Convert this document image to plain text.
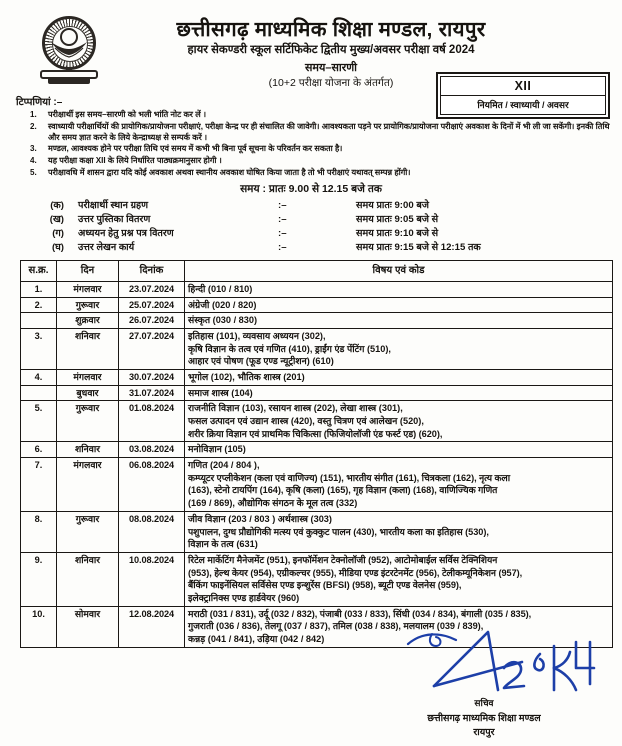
छत्तीसगढ़ माध्यमिक शिक्षा मण्डल, रायपुर
हायर सेकण्डरी स्कूल सर्टिफिकेट द्वितीय मुख्य/अवसर परीक्षा वर्ष 2024
समय–सारणी
(10+2 परीक्षा योजना के अंतर्गत)	XII
नियमित / स्वाध्यायी / अवसर
टिप्पणियां :–
1.	परीक्षार्थी इस समय–सारणी को भली भांति नोट कर लें ।
2.	स्वाध्यायी परीक्षार्थियों की प्रायोगिक/प्रायोजना परीक्षाएं, परीक्षा केन्द्र पर ही संचालित की जावेगी। आवश्यकता पड़ने पर प्रायोगिक/प्रायोजना परीक्षाएं अवकाश के दिनों में भी ली जा सकेंगी। इनकी तिथि और समय ज्ञात करने के लिये केन्द्राध्यक्ष से सम्पर्क करें ।
3.	मण्डल, आवश्यक होने पर परीक्षा तिथि एवं समय में कभी भी बिना पूर्व सूचना के परिवर्तन कर सकता है।
4.	यह परीक्षा कक्षा XII के लिये निर्धारित पाठ्यक्रमानुसार होगी ।
5.	परीक्षावधि में शासन द्वारा यदि कोई अवकाश अथवा स्थानीय अवकाश घोषित किया जाता है तो भी परीक्षाएं यथावत् सम्पन्न होंगी।
समय : प्रातः 9.00 से 12.15 बजे तक
(क)	परीक्षार्थी स्थान ग्रहण	:–	समय प्रातः 9:00 बजे
(ख)	उत्तर पुस्तिका वितरण	:–	समय प्रातः 9:05 बजे से
(ग)	अध्ययन हेतु प्रश्न पत्र वितरण	:–	समय प्रातः 9:10 बजे से
(घ)	उत्तर लेखन कार्य	:–	समय प्रातः 9:15 बजे से 12:15 तक
स.क्र.	दिन	दिनांक	विषय एवं कोड
1.	मंगलवार	23.07.2024	हिन्दी (010 / 810)

2.	गुरूवार	25.07.2024	अंग्रेजी (020 / 820)

	शुक्रवार	26.07.2024	संस्कृत (030 / 830)

3.	शनिवार	27.07.2024	इतिहास (101), व्यवसाय अध्ययन (302),
कृषि विज्ञान के तत्व एवं गणित (410), ड्राईंग एंड पेंटिंग (510),
आहार एवं पोषण (फूड एण्ड न्यूट्रीशन) (610)

4.	मंगलवार	30.07.2024	भूगोल (102), भौतिक शास्त्र (201)

	बुधवार	31.07.2024	समाज शास्त्र (104)

5.	गुरूवार	01.08.2024	राजनीति विज्ञान (103), रसायन शास्त्र (202), लेखा शास्त्र (301),
फसल उत्पादन एवं उद्यान शास्त्र (420), वस्तु चित्रण एवं आलेखन (520),
शरीर क्रिया विज्ञान एवं प्राथमिक चिकित्सा (फिजियोलॉजी एंड फर्स्ट एड) (620),

6.	शनिवार	03.08.2024	मनोविज्ञान (105)

7.	मंगलवार	06.08.2024	गणित (204 / 804 ),
कम्प्यूटर एप्लीकेशन (कला एवं वाणिज्य) (151), भारतीय संगीत (161), चित्रकला (162), नृत्य कला
(163), स्टेनो टायपिंग (164), कृषि (कला) (165), गृह विज्ञान (कला) (168), वाणिज्यिक गणित
(169 / 869), औद्योगिक संगठन के मूल तत्व (332)

8.	गुरूवार	08.08.2024	जीव विज्ञान (203 / 803 ) अर्थशास्त्र (303)
पशुपालन, दुग्ध प्रौद्योगिकी मत्स्य एवं कुक्कुट पालन (430), भारतीय कला का इतिहास (530),
विज्ञान के तत्व (631)

9.	शनिवार	10.08.2024	रिटेल मार्केटिंग मैनेजमेंट (951), इनफॉर्मेशन टेक्नोलॉजी (952), आटोमोबाईल सर्विस टेक्निशियन
(953), हेल्थ केयर (954), एग्रीकल्चर (955), मीडिया एण्ड इंटरटेनमेंट (956), टेलीकम्यूनिकेशन (957),
बैंकिंग फाइनेंसियल सर्विसेस एण्ड इन्शुरेंस (BFSI) (958), ब्यूटी एण्ड वेलनेस (959),
इलेक्ट्रानिक्स एण्ड हार्डवेयर (960)

10.	सोमवार	12.08.2024	मराठी (031 / 831), उर्दू (032 / 832), पंजाबी (033 / 833), सिंधी (034 / 834), बंगाली (035 / 835),
गुजराती (036 / 836), तेलगू (037 / 837), तमिल (038 / 838), मलयालम (039 / 839),
कन्नड़ (041 / 841), उड़िया (042 / 842)
सचिव
छत्तीसगढ़ माध्यमिक शिक्षा मण्डल
रायपुर
